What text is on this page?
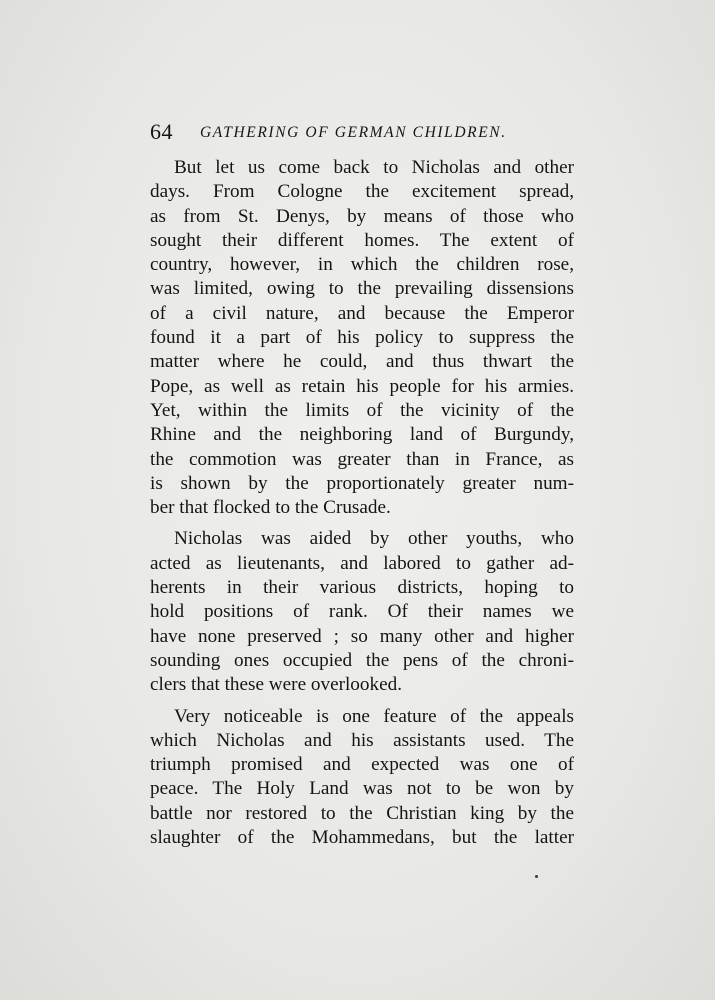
64 GATHERING OF GERMAN CHILDREN.

But let us come back to Nicholas and other
days. From Cologne the excitement spread,
as from St. Denys, by means of those who
sought their different homes. The extent of
country, however, in which the children rose,
was limited, owing to the prevailing dissensions
of a civil nature, and because the Emperor
found it a part of his policy to suppress the
matter where he could, and thus thwart the
Pope, as well as retain his people for his armies.
Yet, within the limits of the vicinity of the
Rhine and the neighboring land of Burgundy,
the commotion was greater than in France, as
is shown by the proportionately greater num-
ber that flocked to the Crusade.

Nicholas was aided by other youths, who
acted as lieutenants, and labored to gather ad-
herents in their various districts, hoping to
hold positions of rank. Of their names we
have none preserved ; so many other and higher
sounding ones occupied the pens of the chroni-
clers that these were overlooked.

Very noticeable is one feature of the appeals
which Nicholas and his assistants used. The
triumph promised and expected was one of
peace. The Holy Land was not to be won by
battle nor restored to the Christian king by the
slaughter of the Mohammedans, but the latter
